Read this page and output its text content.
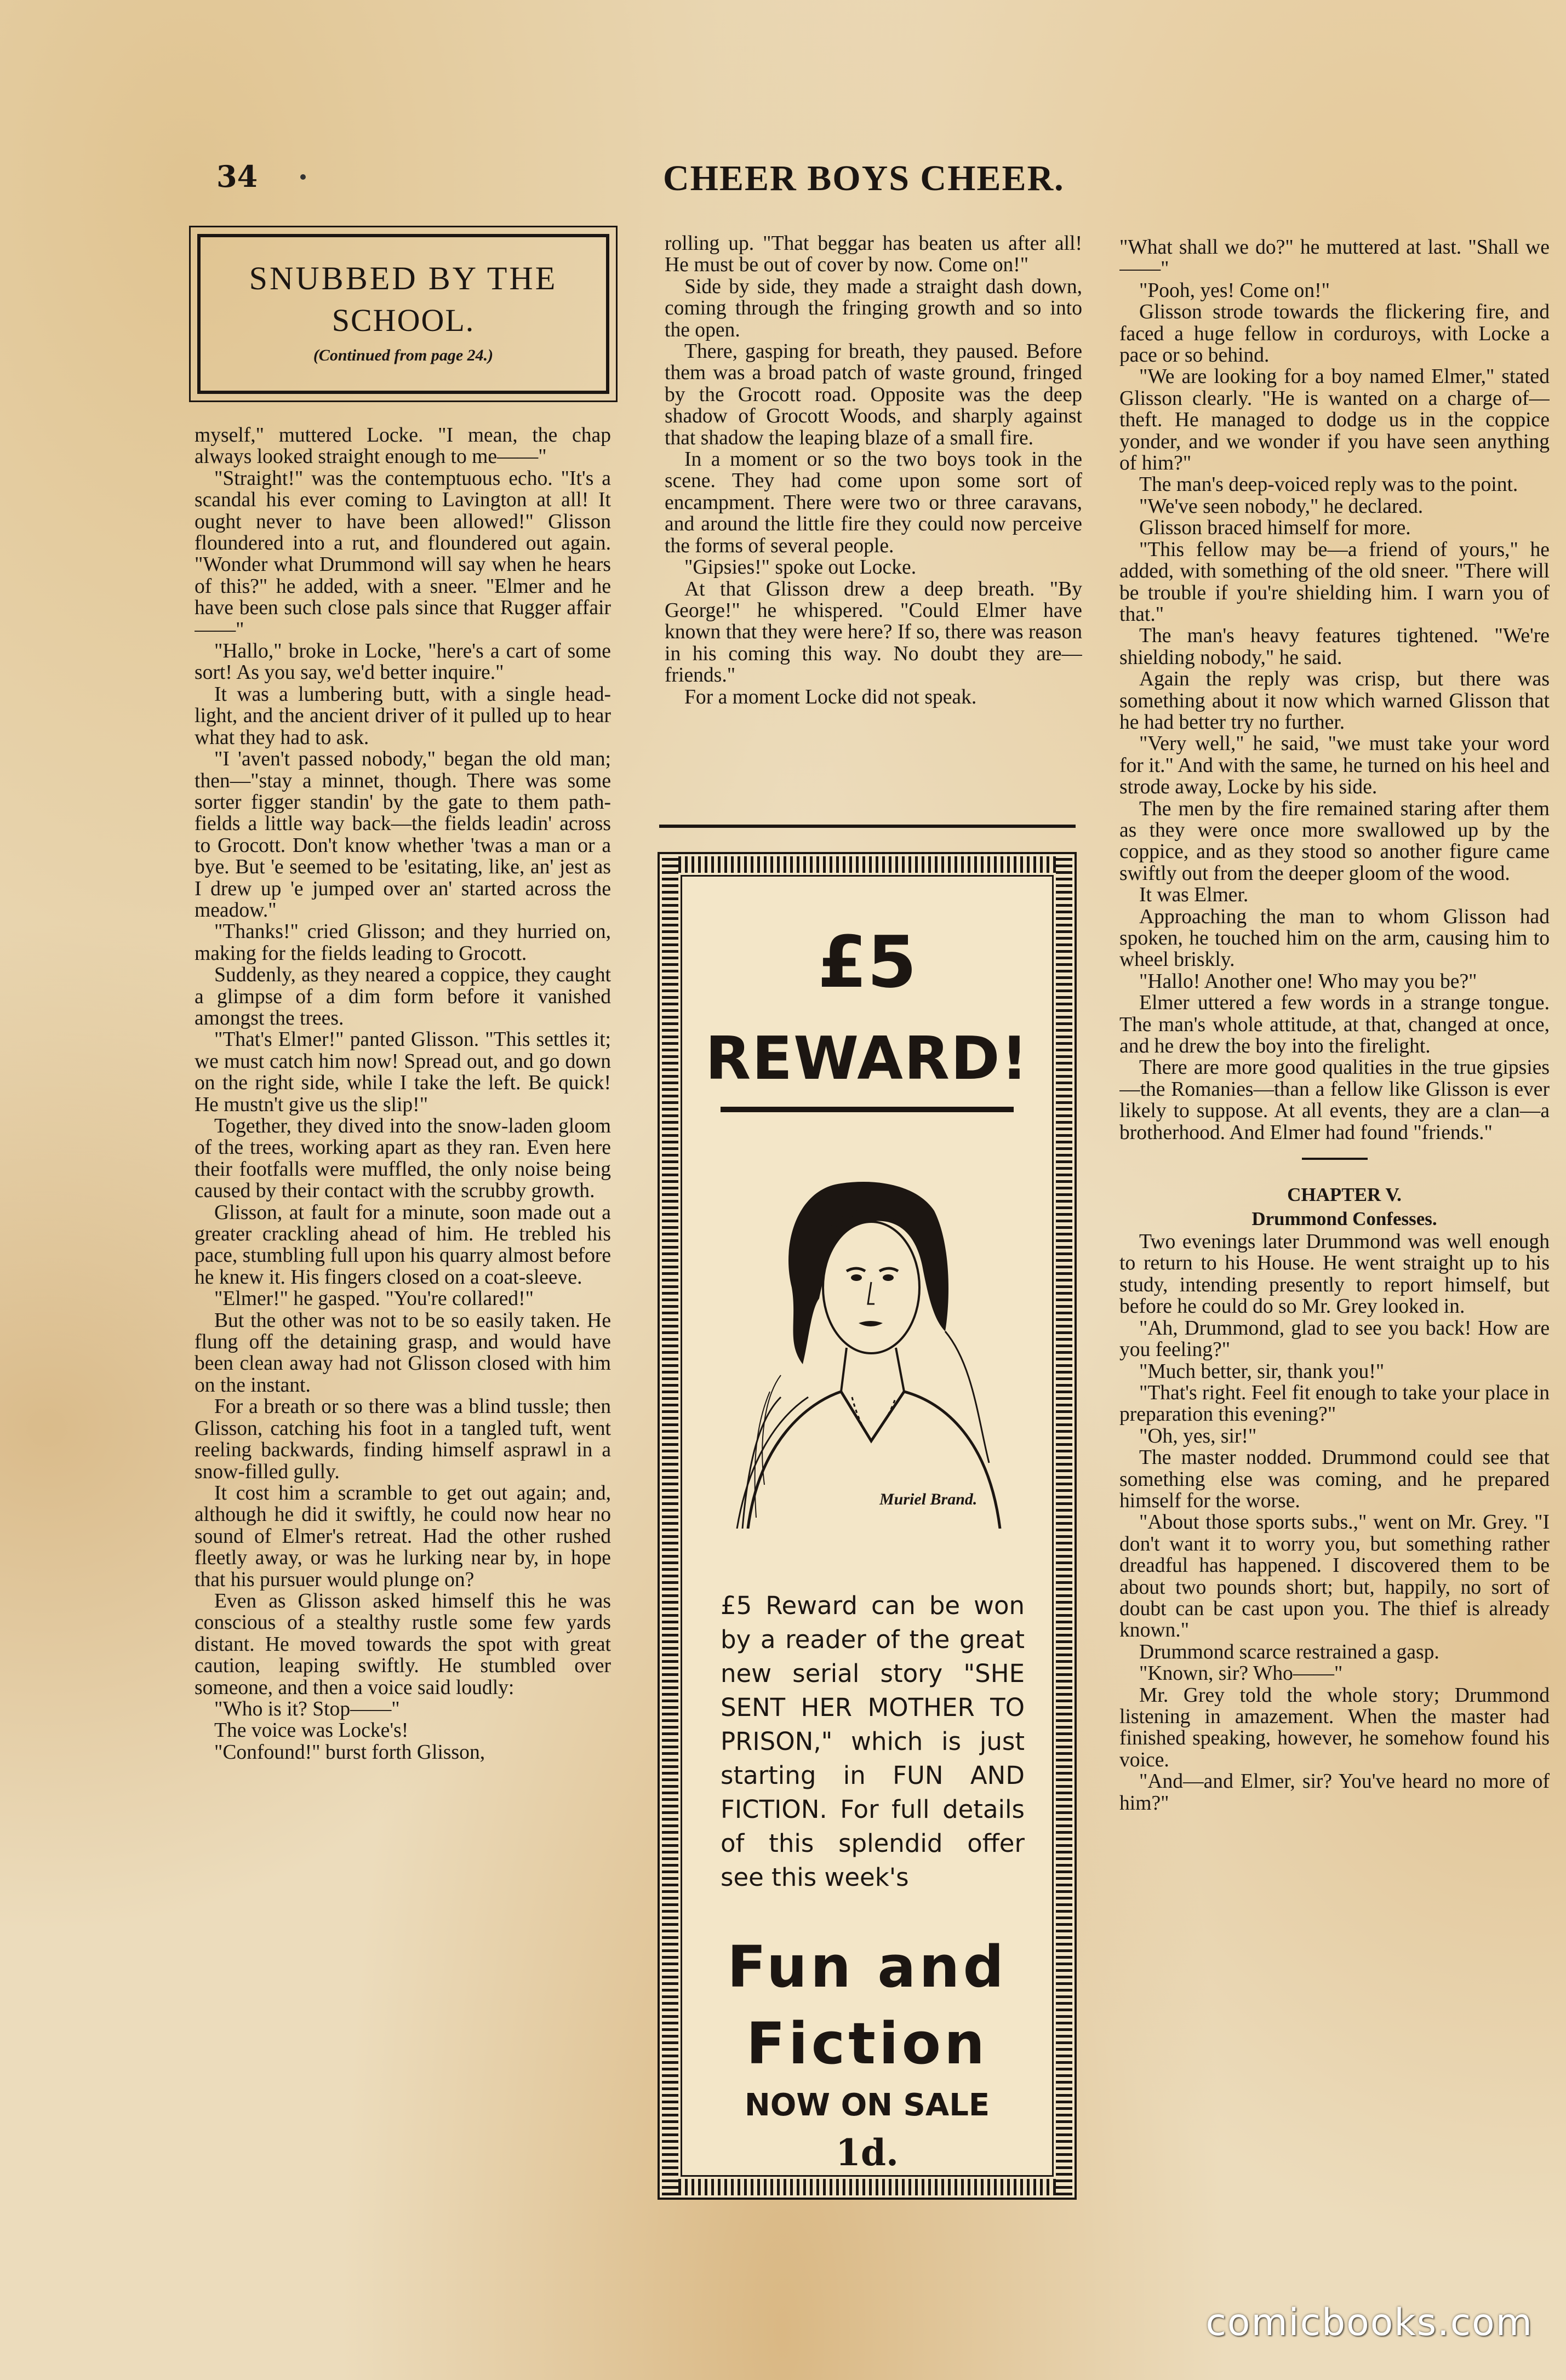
34	CHEER BOYS CHEER.
SNUBBED BY THE
SCHOOL.
(Continued from page 24.)

myself," muttered Locke. "I mean, the chap always looked straight enough to me——"

"Straight!" was the contemptuous echo. "It's a scandal his ever coming to Lavington at all! It ought never to have been allowed!" Glisson floundered into a rut, and floundered out again. "Wonder what Drummond will say when he hears of this?" he added, with a sneer. "Elmer and he have been such close pals since that Rugger affair——"

"Hallo," broke in Locke, "here's a cart of some sort! As you say, we'd better inquire."

It was a lumbering butt, with a single head-light, and the ancient driver of it pulled up to hear what they had to ask.

"I 'aven't passed nobody," began the old man; then—"stay a minnet, though. There was some sorter figger standin' by the gate to them path-fields a little way back—the fields leadin' across to Grocott. Don't know whether 'twas a man or a bye. But 'e seemed to be 'esitating, like, an' jest as I drew up 'e jumped over an' started across the meadow."

"Thanks!" cried Glisson; and they hurried on, making for the fields leading to Grocott.

Suddenly, as they neared a coppice, they caught a glimpse of a dim form before it vanished amongst the trees.

"That's Elmer!" panted Glisson. "This settles it; we must catch him now! Spread out, and go down on the right side, while I take the left. Be quick! He mustn't give us the slip!"

Together, they dived into the snow-laden gloom of the trees, working apart as they ran. Even here their footfalls were muffled, the only noise being caused by their contact with the scrubby growth.

Glisson, at fault for a minute, soon made out a greater crackling ahead of him. He trebled his pace, stumbling full upon his quarry almost before he knew it. His fingers closed on a coat-sleeve.

"Elmer!" he gasped. "You're collared!"

But the other was not to be so easily taken. He flung off the detaining grasp, and would have been clean away had not Glisson closed with him on the instant.

For a breath or so there was a blind tussle; then Glisson, catching his foot in a tangled tuft, went reeling backwards, finding himself asprawl in a snow-filled gully.

It cost him a scramble to get out again; and, although he did it swiftly, he could now hear no sound of Elmer's retreat. Had the other rushed fleetly away, or was he lurking near by, in hope that his pursuer would plunge on?

Even as Glisson asked himself this he was conscious of a stealthy rustle some few yards distant. He moved towards the spot with great caution, leaping swiftly. He stumbled over someone, and then a voice said loudly:

"Who is it? Stop——"

The voice was Locke's!

"Confound!" burst forth Glisson,

rolling up. "That beggar has beaten us after all! He must be out of cover by now. Come on!"

Side by side, they made a straight dash down, coming through the fringing growth and so into the open.

There, gasping for breath, they paused. Before them was a broad patch of waste ground, fringed by the Grocott road. Opposite was the deep shadow of Grocott Woods, and sharply against that shadow the leaping blaze of a small fire.

In a moment or so the two boys took in the scene. They had come upon some sort of encampment. There were two or three caravans, and around the little fire they could now perceive the forms of several people.

"Gipsies!" spoke out Locke.

At that Glisson drew a deep breath. "By George!" he whispered. "Could Elmer have known that they were here? If so, there was reason in his coming this way. No doubt they are—friends."

For a moment Locke did not speak.

£5
REWARD!
Muriel Brand.
£5 Reward can be won by a reader of the great new serial story "SHE SENT HER MOTHER TO PRISON," which is just starting in FUN AND FICTION. For full details of this splendid offer see this week's
Fun and
Fiction
NOW ON SALE
1d.

"What shall we do?" he muttered at last. "Shall we——"

"Pooh, yes! Come on!"

Glisson strode towards the flickering fire, and faced a huge fellow in corduroys, with Locke a pace or so behind.

"We are looking for a boy named Elmer," stated Glisson clearly. "He is wanted on a charge of—theft. He managed to dodge us in the coppice yonder, and we wonder if you have seen anything of him?"

The man's deep-voiced reply was to the point.

"We've seen nobody," he declared.

Glisson braced himself for more.

"This fellow may be—a friend of yours," he added, with something of the old sneer. "There will be trouble if you're shielding him. I warn you of that."

The man's heavy features tightened. "We're shielding nobody," he said.

Again the reply was crisp, but there was something about it now which warned Glisson that he had better try no further.

"Very well," he said, "we must take your word for it." And with the same, he turned on his heel and strode away, Locke by his side.

The men by the fire remained staring after them as they were once more swallowed up by the coppice, and as they stood so another figure came swiftly out from the deeper gloom of the wood.

It was Elmer.

Approaching the man to whom Glisson had spoken, he touched him on the arm, causing him to wheel briskly.

"Hallo! Another one! Who may you be?"

Elmer uttered a few words in a strange tongue. The man's whole attitude, at that, changed at once, and he drew the boy into the firelight.

There are more good qualities in the true gipsies—the Romanies—than a fellow like Glisson is ever likely to suppose. At all events, they are a clan—a brotherhood. And Elmer had found "friends."

CHAPTER V.

Drummond Confesses.

Two evenings later Drummond was well enough to return to his House. He went straight up to his study, intending presently to report himself, but before he could do so Mr. Grey looked in.

"Ah, Drummond, glad to see you back! How are you feeling?"

"Much better, sir, thank you!"

"That's right. Feel fit enough to take your place in preparation this evening?"

"Oh, yes, sir!"

The master nodded. Drummond could see that something else was coming, and he prepared himself for the worse.

"About those sports subs.," went on Mr. Grey. "I don't want it to worry you, but something rather dreadful has happened. I discovered them to be about two pounds short; but, happily, no sort of doubt can be cast upon you. The thief is already known."

Drummond scarce restrained a gasp.

"Known, sir? Who——"

Mr. Grey told the whole story; Drummond listening in amazement. When the master had finished speaking, however, he somehow found his voice.

"And—and Elmer, sir? You've heard no more of him?"

comicbooks.com
